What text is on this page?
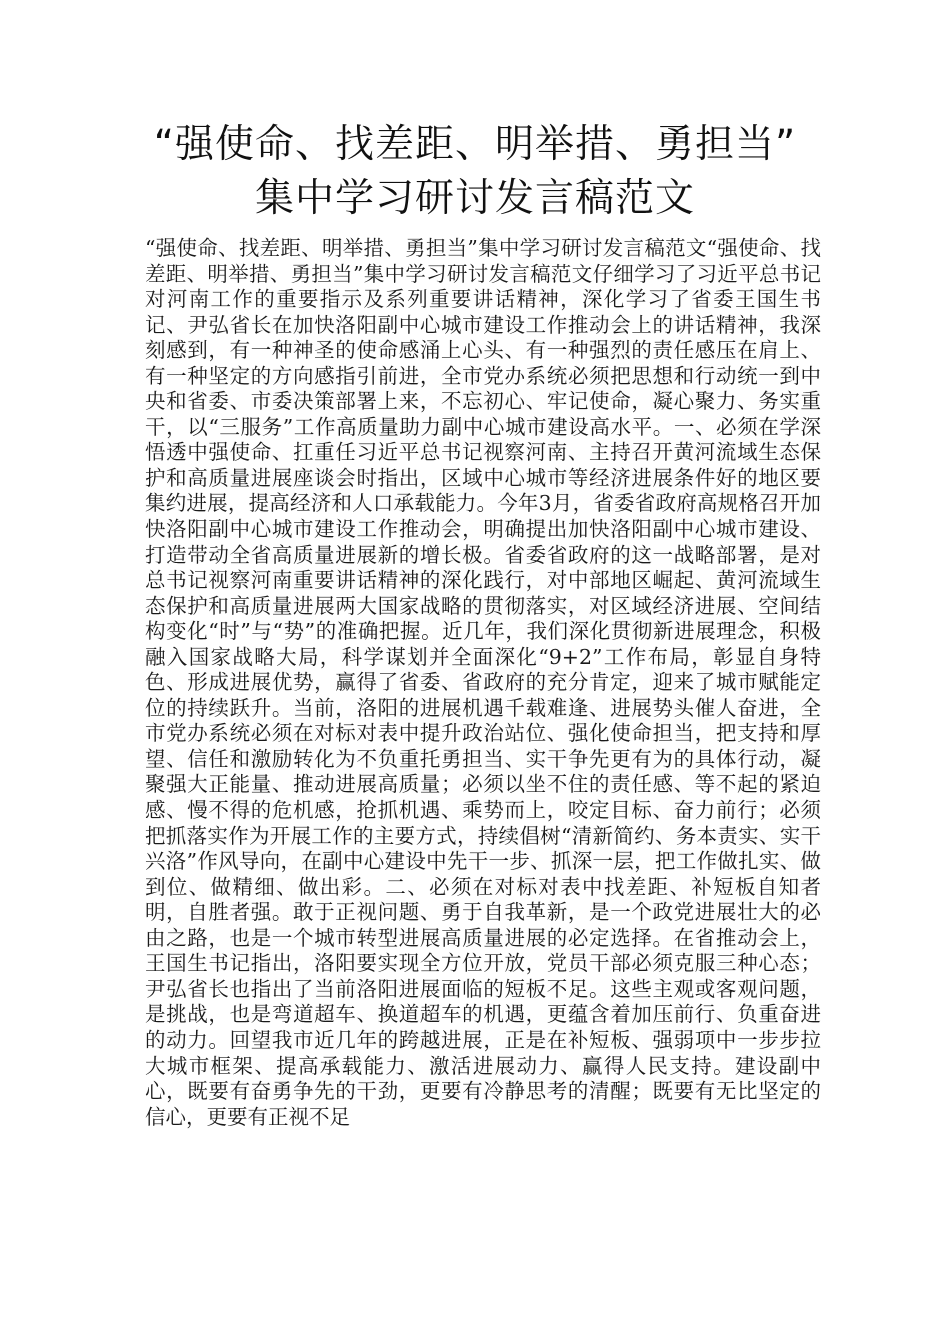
“强使命、找差距、明举措、勇担当”
集中学习研讨发言稿范文

“强使命、找差距、明举措、勇担当”集中学习研讨发言稿范文“强使命、找差距、明举措、勇担当”集中学习研讨发言稿范文仔细学习了习近平总书记对河南工作的重要指示及系列重要讲话精神，深化学习了省委王国生书记、尹弘省长在加快洛阳副中心城市建设工作推动会上的讲话精神，我深刻感到，有一种神圣的使命感涌上心头、有一种强烈的责任感压在肩上、有一种坚定的方向感指引前进，全市党办系统必须把思想和行动统一到中央和省委、市委决策部署上来，不忘初心、牢记使命，凝心聚力、务实重干，以“三服务”工作高质量助力副中心城市建设高水平。一、必须在学深悟透中强使命、扛重任习近平总书记视察河南、主持召开黄河流域生态保护和高质量进展座谈会时指出，区域中心城市等经济进展条件好的地区要集约进展，提高经济和人口承载能力。今年3月，省委省政府高规格召开加快洛阳副中心城市建设工作推动会，明确提出加快洛阳副中心城市建设、打造带动全省高质量进展新的增长极。省委省政府的这一战略部署，是对总书记视察河南重要讲话精神的深化践行，对中部地区崛起、黄河流域生态保护和高质量进展两大国家战略的贯彻落实，对区域经济进展、空间结构变化“时”与“势”的准确把握。近几年，我们深化贯彻新进展理念，积极融入国家战略大局，科学谋划并全面深化“9+2”工作布局，彰显自身特色、形成进展优势，赢得了省委、省政府的充分肯定，迎来了城市赋能定位的持续跃升。当前，洛阳的进展机遇千载难逢、进展势头催人奋进，全市党办系统必须在对标对表中提升政治站位、强化使命担当，把支持和厚望、信任和激励转化为不负重托勇担当、实干争先更有为的具体行动，凝聚强大正能量、推动进展高质量；必须以坐不住的责任感、等不起的紧迫感、慢不得的危机感，抢抓机遇、乘势而上，咬定目标、奋力前行；必须把抓落实作为开展工作的主要方式，持续倡树“清新简约、务本责实、实干兴洛”作风导向，在副中心建设中先干一步、抓深一层，把工作做扎实、做到位、做精细、做出彩。二、必须在对标对表中找差距、补短板自知者明，自胜者强。敢于正视问题、勇于自我革新，是一个政党进展壮大的必由之路，也是一个城市转型进展高质量进展的必定选择。在省推动会上，王国生书记指出，洛阳要实现全方位开放，党员干部必须克服三种心态；尹弘省长也指出了当前洛阳进展面临的短板不足。这些主观或客观问题，是挑战，也是弯道超车、换道超车的机遇，更蕴含着加压前行、负重奋进的动力。回望我市近几年的跨越进展，正是在补短板、强弱项中一步步拉大城市框架、提高承载能力、激活进展动力、赢得人民支持。建设副中心，既要有奋勇争先的干劲，更要有冷静思考的清醒；既要有无比坚定的信心，更要有正视不足
